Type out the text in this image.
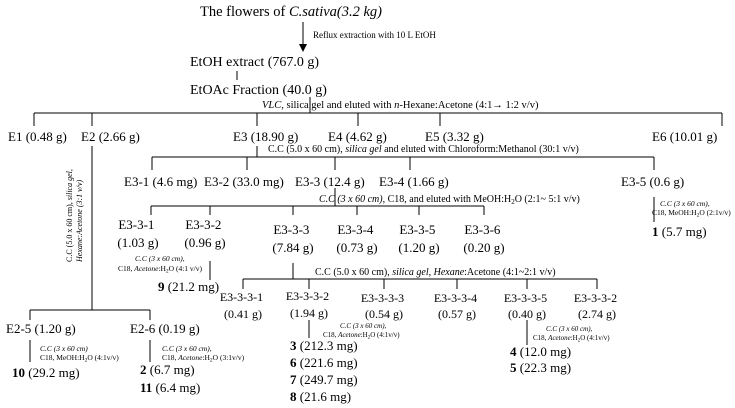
The flowers of C.sativa(3.2 kg)
Reflux extraction with 10 L EtOH
EtOH extract (767.0 g)
EtOAc Fraction (40.0 g)
VLC, silica gel and eluted with n-Hexane:Acetone (4:1→ 1:2 v/v)
E1 (0.48 g) E2 (2.66 g)	E3 (18.90 g) E4 (4.62 g)	E5 (3.32 g)	E6 (10.01 g)
C.C (5.0 x 60 cm), silica gel and eluted with Chloroform:Methanol (30:1 v/v)
C.C (5.0 x 60 cm), silica gel, Hexane:Acetone (3:1 v/v)	E3-1 (4.6 mg) E3-2 (33.0 mg) E3-3 (12.4 g) E3-4 (1.66 g)	E3-5 (0.6 g)
C.C (3 x 60 cm), C18, and eluted with $MeOH:H_2O$ (2:1~ 5:1 v/v)	C.C (3 x 60 cm), C18, $MeOH:H_2O$ (2:1v/v)
1 (5.7 mg)
E3-3-1 (1.03 g)
E3-3-2 (0.96 g)
E3-3-3 (7.84 g)
E3-3-4 (0.73 g)
E3-3-5 (1.20 g)
E3-3-6 (0.20 g)
C.C (3 x 60 cm), C18, $Acetone:H_2O$ (4:1 v/v)
9 (21.2 mg)
C.C (5.0 x 60 cm), silica gel, Hexane:Acetone (4:1~2:1 v/v)
E3-3-3-1 (0.41 g)
E3-3-3-2 (1.94 g)
E3-3-3-3 (0.54 g)
E3-3-3-4 (0.57 g)
E3-3-3-5 (0.40 g)
E3-3-3-2 (2.74 g)
C.C (3 x 60 cm), C18, $Acetone:H_2O$ (4:1v/v)
C.C (3 x 60 cm), C18, $Acetone:H_2O$ (4:1v/v)
3 (212.3 mg) 6 (221.6 mg) 7 (249.7 mg) 8 (21.6 mg)
4 (12.0 mg) 5 (22.3 mg)
E2-5 (1.20 g)	E2-6 (0.19 g)
C.C (3 x 60 cm) C18, $MeOH:H_2O$ (4:1v/v)
C.C (3 x 60 cm), C18, $Acetone:H_2O$ (3:1v/v)
10 (29.2 mg)	2 (6.7 mg) 11 (6.4 mg)
